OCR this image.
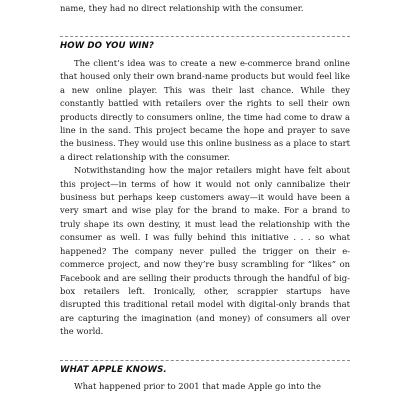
name, they had no direct relationship with the consumer.

HOW DO YOU WIN?

The client’s idea was to create a new e-commerce brand online that housed only their own brand-name products but would feel like a new online player. This was their last chance. While they constantly battled with retailers over the rights to sell their own products directly to consumers online, the time had come to draw a line in the sand. This project became the hope and prayer to save the business. They would use this online business as a place to start a direct relationship with the consumer.

Notwithstanding how the major retailers might have felt about this project—in terms of how it would not only cannibalize their business but perhaps keep customers away—it would have been a very smart and wise play for the brand to make. For a brand to truly shape its own destiny, it must lead the relationship with the consumer as well. I was fully behind this initiative . . . so what happened? The company never pulled the trigger on their e-commerce project, and now they’re busy scrambling for “likes” on Facebook and are selling their products through the handful of big-box retailers left. Ironically, other, scrappier startups have disrupted this traditional retail model with digital-only brands that are capturing the imagination (and money) of consumers all over the world.

WHAT APPLE KNOWS.

What happened prior to 2001 that made Apple go into the
